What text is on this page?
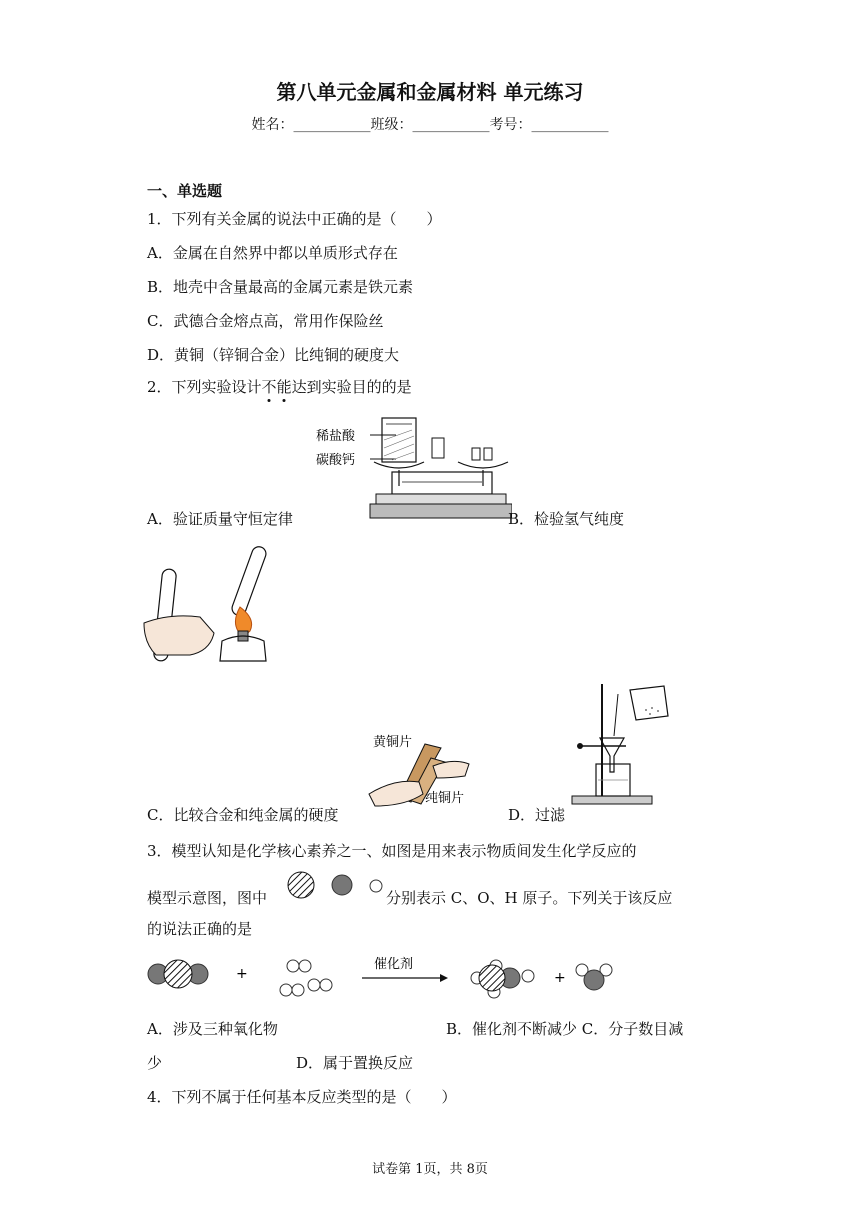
第八单元金属和金属材料 单元练习
姓名：___________班级：___________考号：___________
一、单选题
1．下列有关金属的说法中正确的是（　　）
A．金属在自然界中都以单质形式存在
B．地壳中含量最高的金属元素是铁元素
C．武德合金熔点高，常用作保险丝
D．黄铜（锌铜合金）比纯铜的硬度大
2．下列实验设计不能达到实验目的的是
稀盐酸
碳酸钙
A．验证质量守恒定律	B．检验氢气纯度
黄铜片
纯铜片
C．比较合金和纯金属的硬度	D．过滤
3．模型认知是化学核心素养之一、如图是用来表示物质间发生化学反应的
模型示意图，图中	分别表示 C、O、H 原子。下列关于该反应
的说法正确的是
+
催化剂
+
A．涉及三种氧化物	B．催化剂不断减少 C．分子数目减
少	D．属于置换反应
4．下列不属于任何基本反应类型的是（　　）
试卷第 1页，共 8页
